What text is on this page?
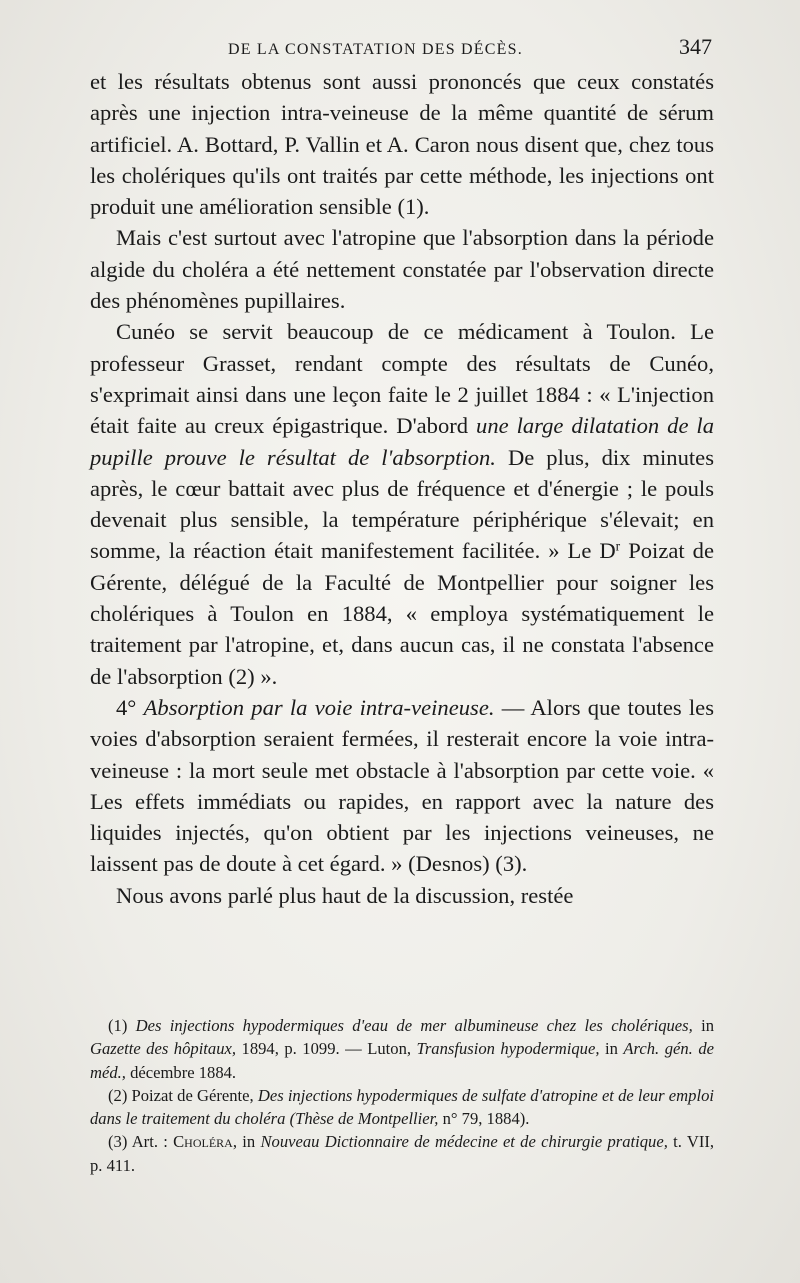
DE LA CONSTATATION DES DÉCÈS.	347

et les résultats obtenus sont aussi prononcés que ceux constatés après une injection intra-veineuse de la même quantité de sérum artificiel. A. Bottard, P. Vallin et A. Caron nous disent que, chez tous les cholériques qu'ils ont traités par cette méthode, les injections ont produit une amélioration sensible (1).

Mais c'est surtout avec l'atropine que l'absorption dans la période algide du choléra a été nettement constatée par l'observation directe des phénomènes pupillaires.

Cunéo se servit beaucoup de ce médicament à Toulon. Le professeur Grasset, rendant compte des résultats de Cunéo, s'exprimait ainsi dans une leçon faite le 2 juillet 1884 : « L'injection était faite au creux épigastrique. D'abord une large dilatation de la pupille prouve le résultat de l'absorption. De plus, dix minutes après, le cœur battait avec plus de fréquence et d'énergie ; le pouls devenait plus sensible, la température périphérique s'élevait; en somme, la réaction était manifestement facilitée. » Le $D^r$ Poizat de Gérente, délégué de la Faculté de Montpellier pour soigner les cholériques à Toulon en 1884, « employa systématiquement le traitement par l'atropine, et, dans aucun cas, il ne constata l'absence de l'absorption (2) ».

4° Absorption par la voie intra-veineuse. — Alors que toutes les voies d'absorption seraient fermées, il resterait encore la voie intra-veineuse : la mort seule met obstacle à l'absorption par cette voie. « Les effets immédiats ou rapides, en rapport avec la nature des liquides injectés, qu'on obtient par les injections veineuses, ne laissent pas de doute à cet égard. » (Desnos) (3).

Nous avons parlé plus haut de la discussion, restée

(1) Des injections hypodermiques d'eau de mer albumineuse chez les cholériques, in Gazette des hôpitaux, 1894, p. 1099. — Luton, Transfusion hypodermique, in Arch. gén. de méd., décembre 1884.

(2) Poizat de Gérente, Des injections hypodermiques de sulfate d'atropine et de leur emploi dans le traitement du choléra (Thèse de Montpellier, n° 79, 1884).

(3) Art. : Choléra, in Nouveau Dictionnaire de médecine et de chirurgie pratique, t. VII, p. 411.
